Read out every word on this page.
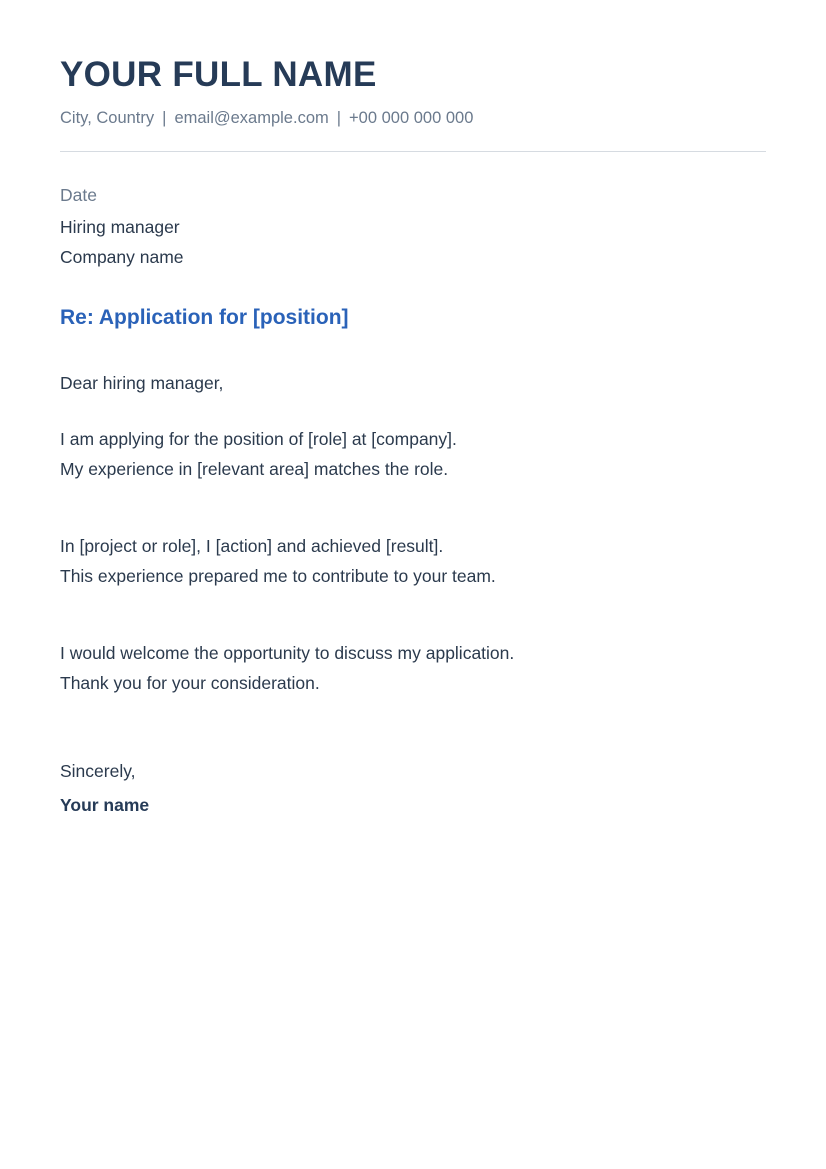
YOUR FULL NAME
City, Country | email@example.com | +00 000 000 000
Date
Hiring manager
Company name
Re: Application for [position]
Dear hiring manager,
I am applying for the position of [role] at [company].
My experience in [relevant area] matches the role.
In [project or role], I [action] and achieved [result].
This experience prepared me to contribute to your team.
I would welcome the opportunity to discuss my application.
Thank you for your consideration.
Sincerely,
Your name
